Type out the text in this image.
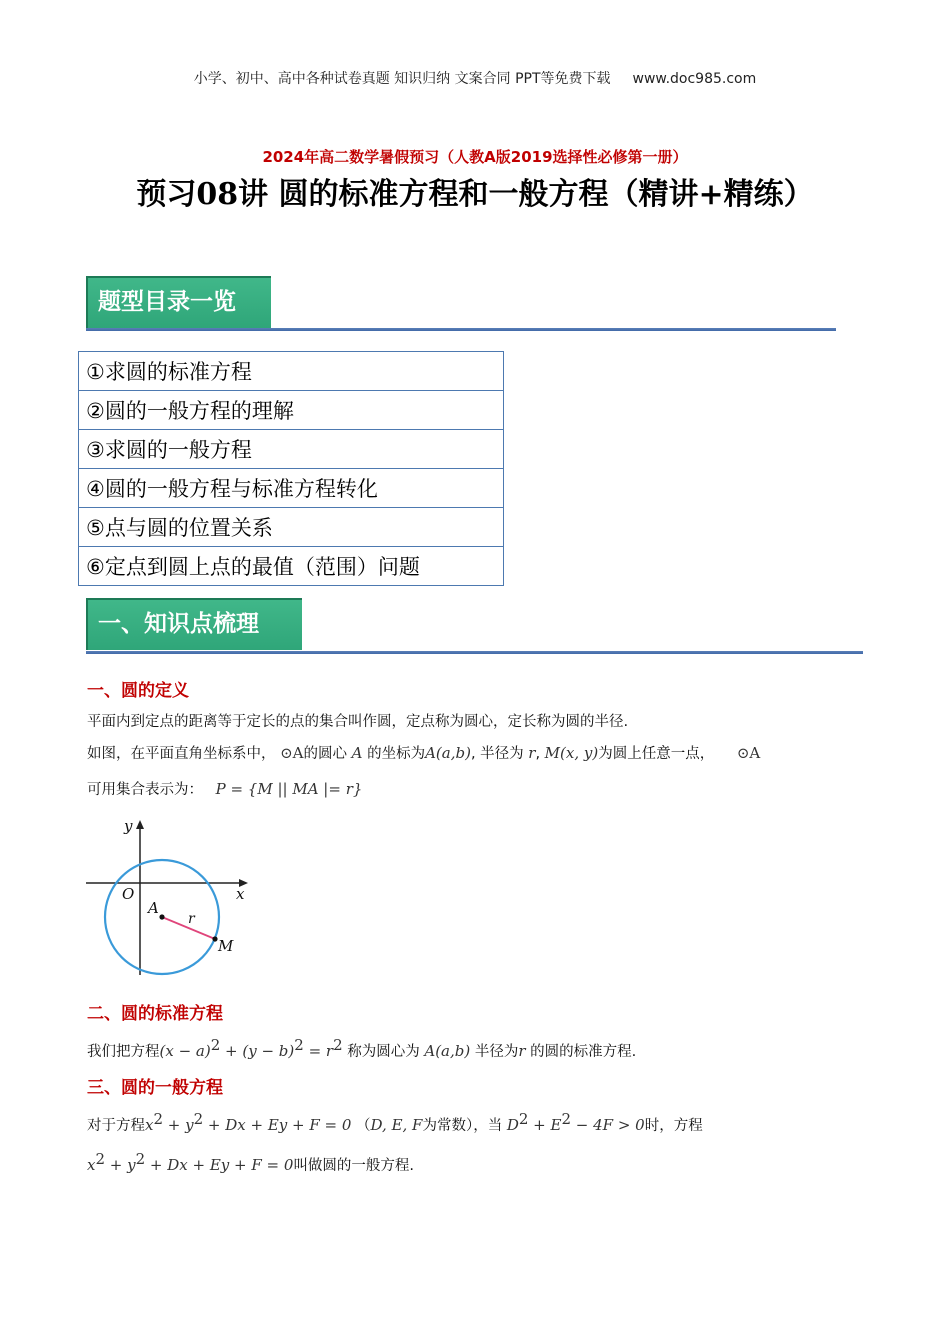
小学、初中、高中各种试卷真题 知识归纳 文案合同 PPT等免费下载 www.doc985.com
2024年高二数学暑假预习（人教A版2019选择性必修第一册）
预习08讲 圆的标准方程和一般方程（精讲+精练）
题型目录一览
①求圆的标准方程
②圆的一般方程的理解
③求圆的一般方程
④圆的一般方程与标准方程转化
⑤点与圆的位置关系
⑥定点到圆上点的最值（范围）问题
一、知识点梳理
一、圆的定义
平面内到定点的距离等于定长的点的集合叫作圆，定点称为圆心，定长称为圆的半径.
如图，在平面直角坐标系中， ⊙A的圆心 A 的坐标为A(a,b), 半径为 r, M(x, y)为圆上任意一点， ⊙A
可用集合表示为： P = {M || MA |= r}
y
x
O
A
r
M
二、圆的标准方程
我们把方程$(x - a)^2 + (y - b)^2 = r^2$ 称为圆心为 A(a,b) 半径为r 的圆的标准方程.
三、圆的一般方程
对于方程$x^2 + y^2 + Dx + Ey + F = 0$ （D, E, F为常数），当 $D^2 + E^2 - 4F > 0$时，方程
$x^2 + y^2 + Dx + Ey + F = 0$叫做圆的一般方程.
